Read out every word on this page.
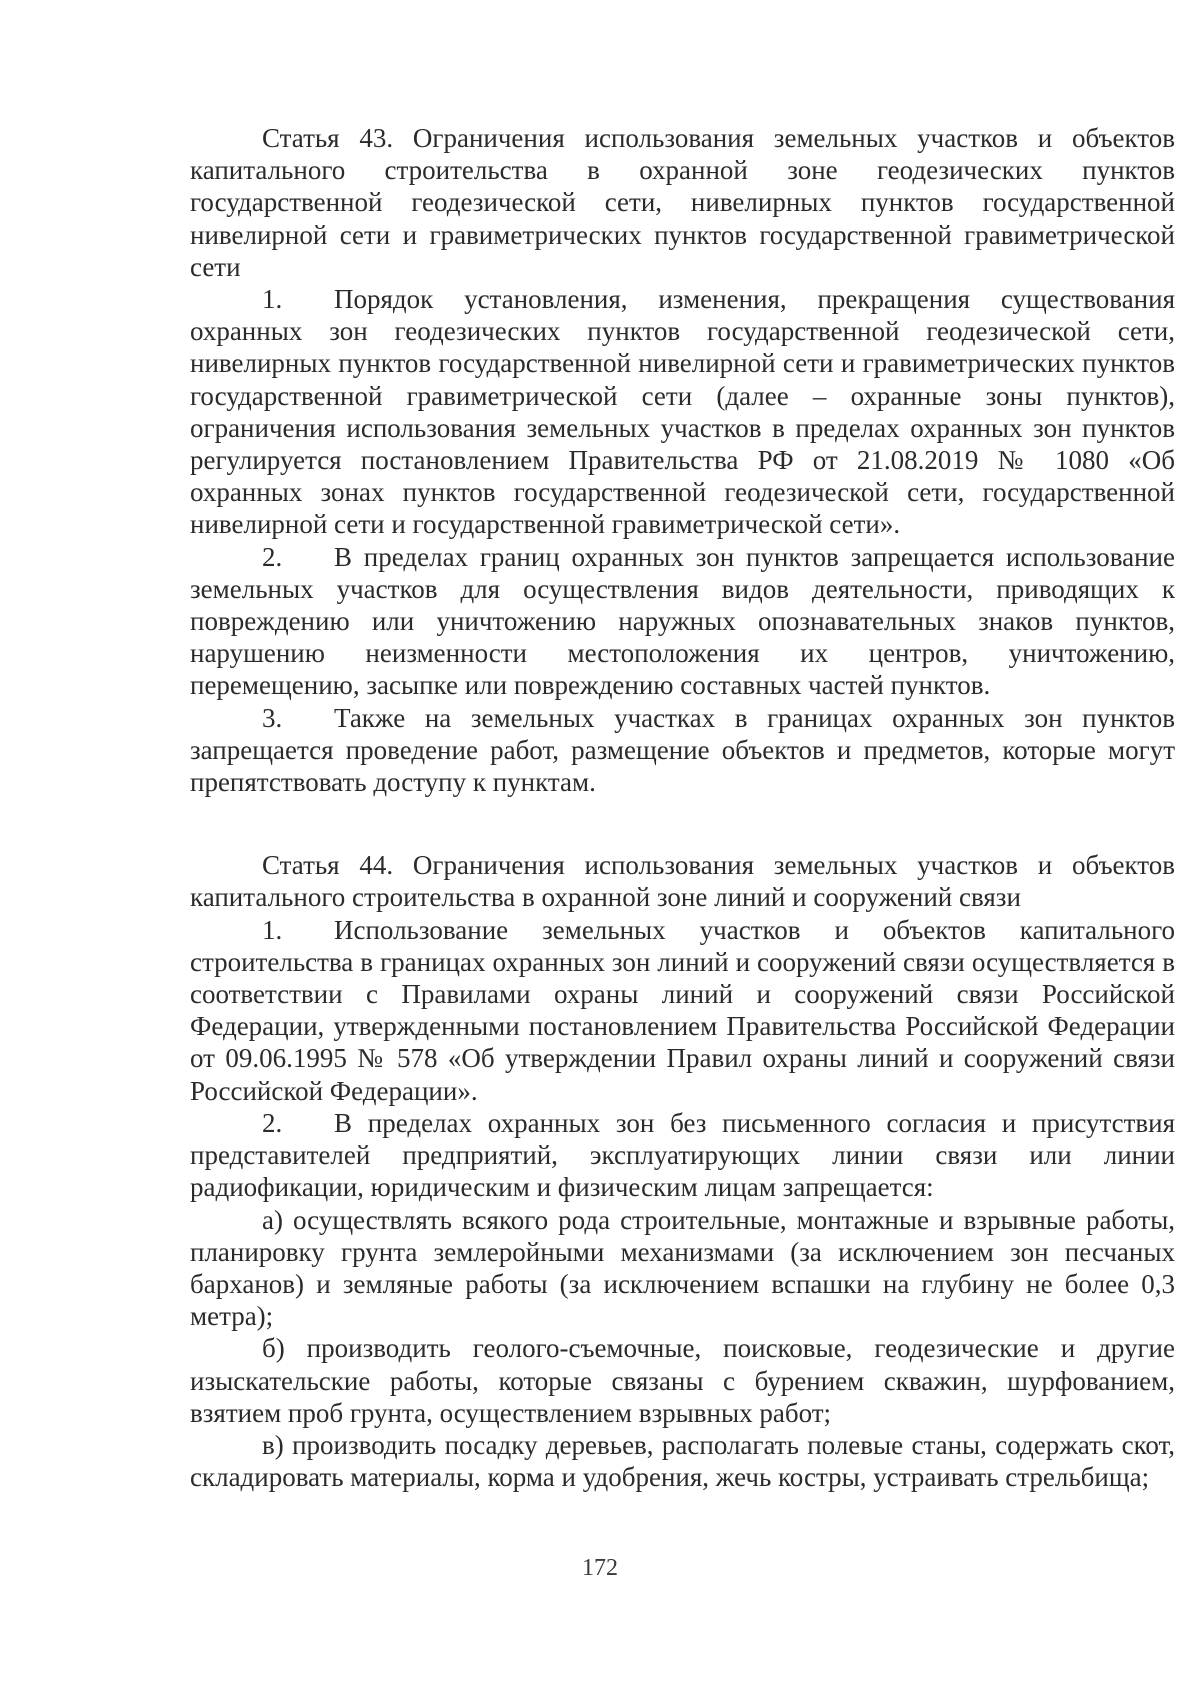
Статья 43. Ограничения использования земельных участков и объектов капитального строительства в охранной зоне геодезических пунктов государственной геодезической сети, нивелирных пунктов государственной нивелирной сети и гравиметрических пунктов государственной гравиметрической сети

1. Порядок установления, изменения, прекращения существования охранных зон геодезических пунктов государственной геодезической сети, нивелирных пунктов государственной нивелирной сети и гравиметрических пунктов государственной гравиметрической сети (далее – охранные зоны пунктов), ограничения использования земельных участков в пределах охранных зон пунктов регулируется постановлением Правительства РФ от 21.08.2019 № 1080 «Об охранных зонах пунктов государственной геодезической сети, государственной нивелирной сети и государственной гравиметрической сети».

2. В пределах границ охранных зон пунктов запрещается использование земельных участков для осуществления видов деятельности, приводящих к повреждению или уничтожению наружных опознавательных знаков пунктов, нарушению неизменности местоположения их центров, уничтожению, перемещению, засыпке или повреждению составных частей пунктов.

3. Также на земельных участках в границах охранных зон пунктов запрещается проведение работ, размещение объектов и предметов, которые могут препятствовать доступу к пунктам.

Статья 44. Ограничения использования земельных участков и объектов капитального строительства в охранной зоне линий и сооружений связи

1. Использование земельных участков и объектов капитального строительства в границах охранных зон линий и сооружений связи осуществляется в соответствии с Правилами охраны линий и сооружений связи Российской Федерации, утвержденными постановлением Правительства Российской Федерации от 09.06.1995 № 578 «Об утверждении Правил охраны линий и сооружений связи Российской Федерации».

2. В пределах охранных зон без письменного согласия и присутствия представителей предприятий, эксплуатирующих линии связи или линии радиофикации, юридическим и физическим лицам запрещается:

а) осуществлять всякого рода строительные, монтажные и взрывные работы, планировку грунта землеройными механизмами (за исключением зон песчаных барханов) и земляные работы (за исключением вспашки на глубину не более 0,3 метра);

б) производить геолого-съемочные, поисковые, геодезические и другие изыскательские работы, которые связаны с бурением скважин, шурфованием, взятием проб грунта, осуществлением взрывных работ;

в) производить посадку деревьев, располагать полевые станы, содержать скот, складировать материалы, корма и удобрения, жечь костры, устраивать стрельбища;

172
